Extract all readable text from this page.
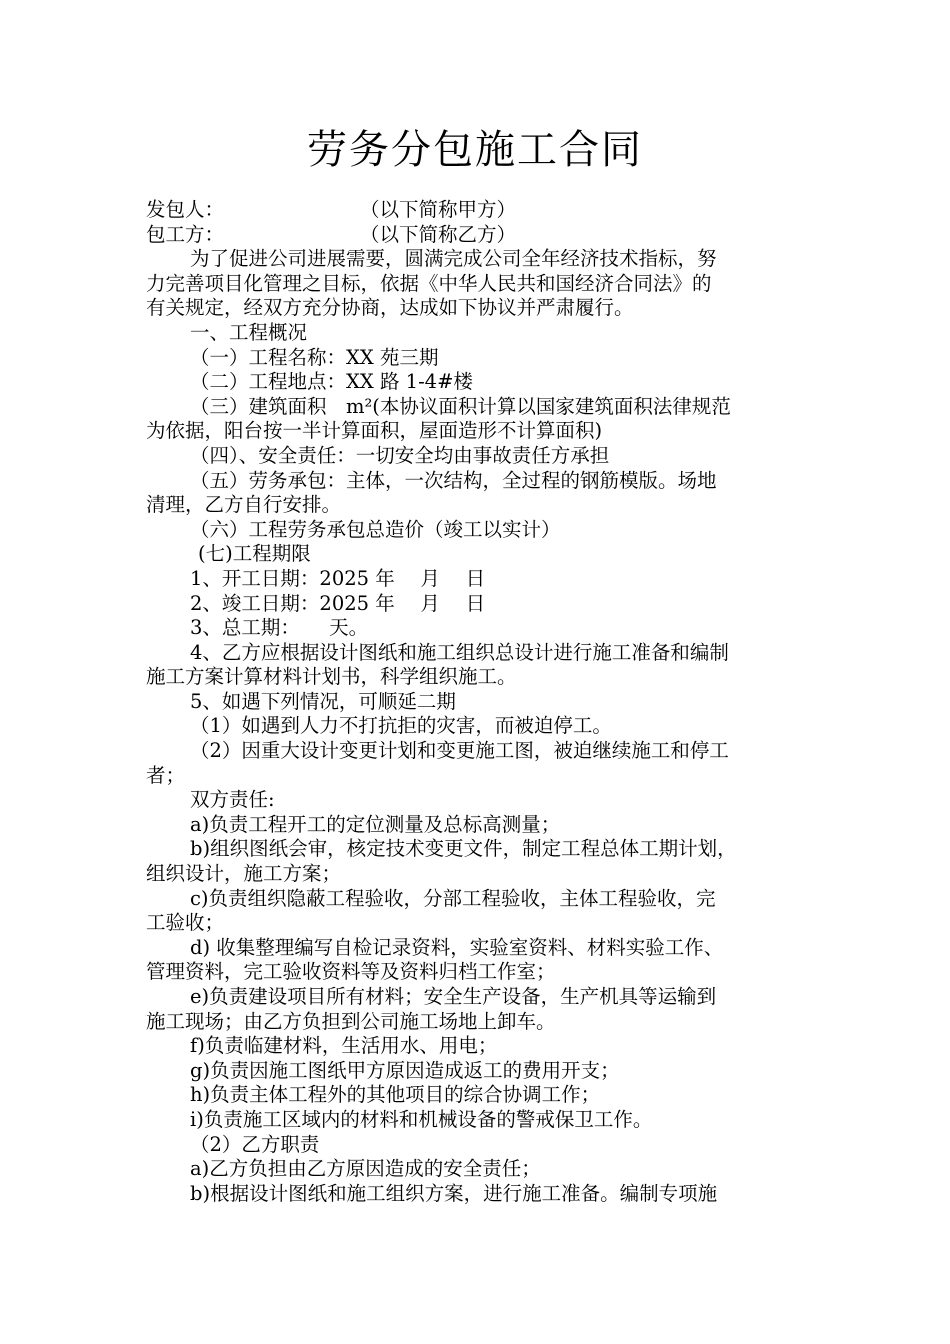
劳务分包施工合同
发包人：	（以下简称甲方）
包工方：	（以下简称乙方）
为了促进公司进展需要，圆满完成公司全年经济技术指标，努
力完善项目化管理之目标，依据《中华人民共和国经济合同法》的
有关规定，经双方充分协商，达成如下协议并严肃履行。
一、工程概况
（一）工程名称：XX 苑三期
（二）工程地点：XX 路 1-4#楼
（三）建筑面积　m²(本协议面积计算以国家建筑面积法律规范
为依据，阳台按一半计算面积，屋面造形不计算面积)
（四）、安全责任：一切安全均由事故责任方承担
（五）劳务承包：主体，一次结构，全过程的钢筋模版。场地
清理，乙方自行安排。
（六）工程劳务承包总造价（竣工以实计）
(七)工程期限
1、开工日期：2025 年　 月　 日
2、竣工日期：2025 年　 月　 日
3、总工期：　　天。
4、乙方应根据设计图纸和施工组织总设计进行施工准备和编制
施工方案计算材料计划书，科学组织施工。
5、如遇下列情况，可顺延二期
（1）如遇到人力不打抗拒的灾害，而被迫停工。
（2）因重大设计变更计划和变更施工图，被迫继续施工和停工
者；
双方责任:
a)负责工程开工的定位测量及总标高测量；
b)组织图纸会审，核定技术变更文件，制定工程总体工期计划，
组织设计，施工方案；
c)负责组织隐蔽工程验收，分部工程验收，主体工程验收，完
工验收；
d) 收集整理编写自检记录资料，实验室资料、材料实验工作、
管理资料，完工验收资料等及资料归档工作室；
e)负责建设项目所有材料；安全生产设备，生产机具等运输到
施工现场；由乙方负担到公司施工场地上卸车。
f)负责临建材料，生活用水、用电；
g)负责因施工图纸甲方原因造成返工的费用开支；
h)负责主体工程外的其他项目的综合协调工作；
i)负责施工区域内的材料和机械设备的警戒保卫工作。
（2）乙方职责
a)乙方负担由乙方原因造成的安全责任；
b)根据设计图纸和施工组织方案，进行施工准备。编制专项施
